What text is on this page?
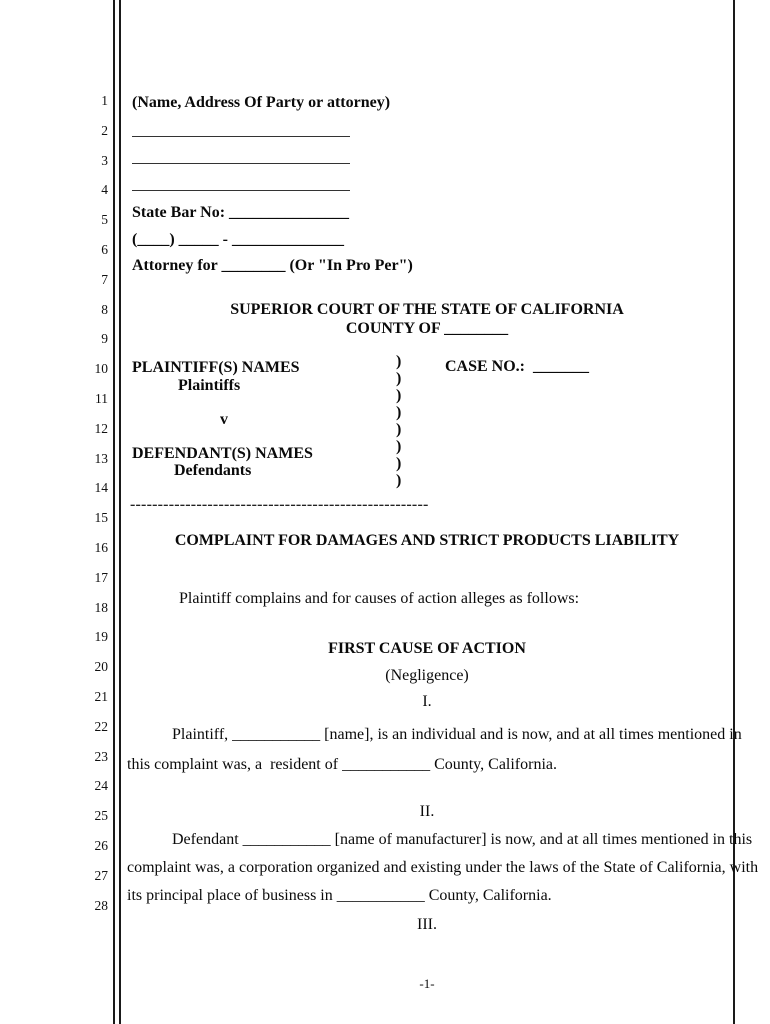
1
2
3
4
5
6
7
8
9
10
11
12
13
14
15
16
17
18
19
20
21
22
23
24
25
26
27
28
(Name, Address Of Party or attorney)
State Bar No: _______________
(____) _____ - ______________
Attorney for ________ (Or "In Pro Per")
SUPERIOR COURT OF THE STATE OF CALIFORNIA
COUNTY OF ________
PLAINTIFF(S) NAMES
Plaintiffs
v
DEFENDANT(S) NAMES
Defendants
)
)
)
)
)
)
)
)
CASE NO.:  _______
------------------------------------------------------
COMPLAINT FOR DAMAGES AND STRICT PRODUCTS LIABILITY
Plaintiff complains and for causes of action alleges as follows:
FIRST CAUSE OF ACTION
(Negligence)
I.
Plaintiff, ___________ [name], is an individual and is now, and at all times mentioned in
this complaint was, a  resident of ___________ County, California.
II.
Defendant ___________ [name of manufacturer] is now, and at all times mentioned in this
complaint was, a corporation organized and existing under the laws of the State of California, with
its principal place of business in ___________ County, California.
III.
-1-
